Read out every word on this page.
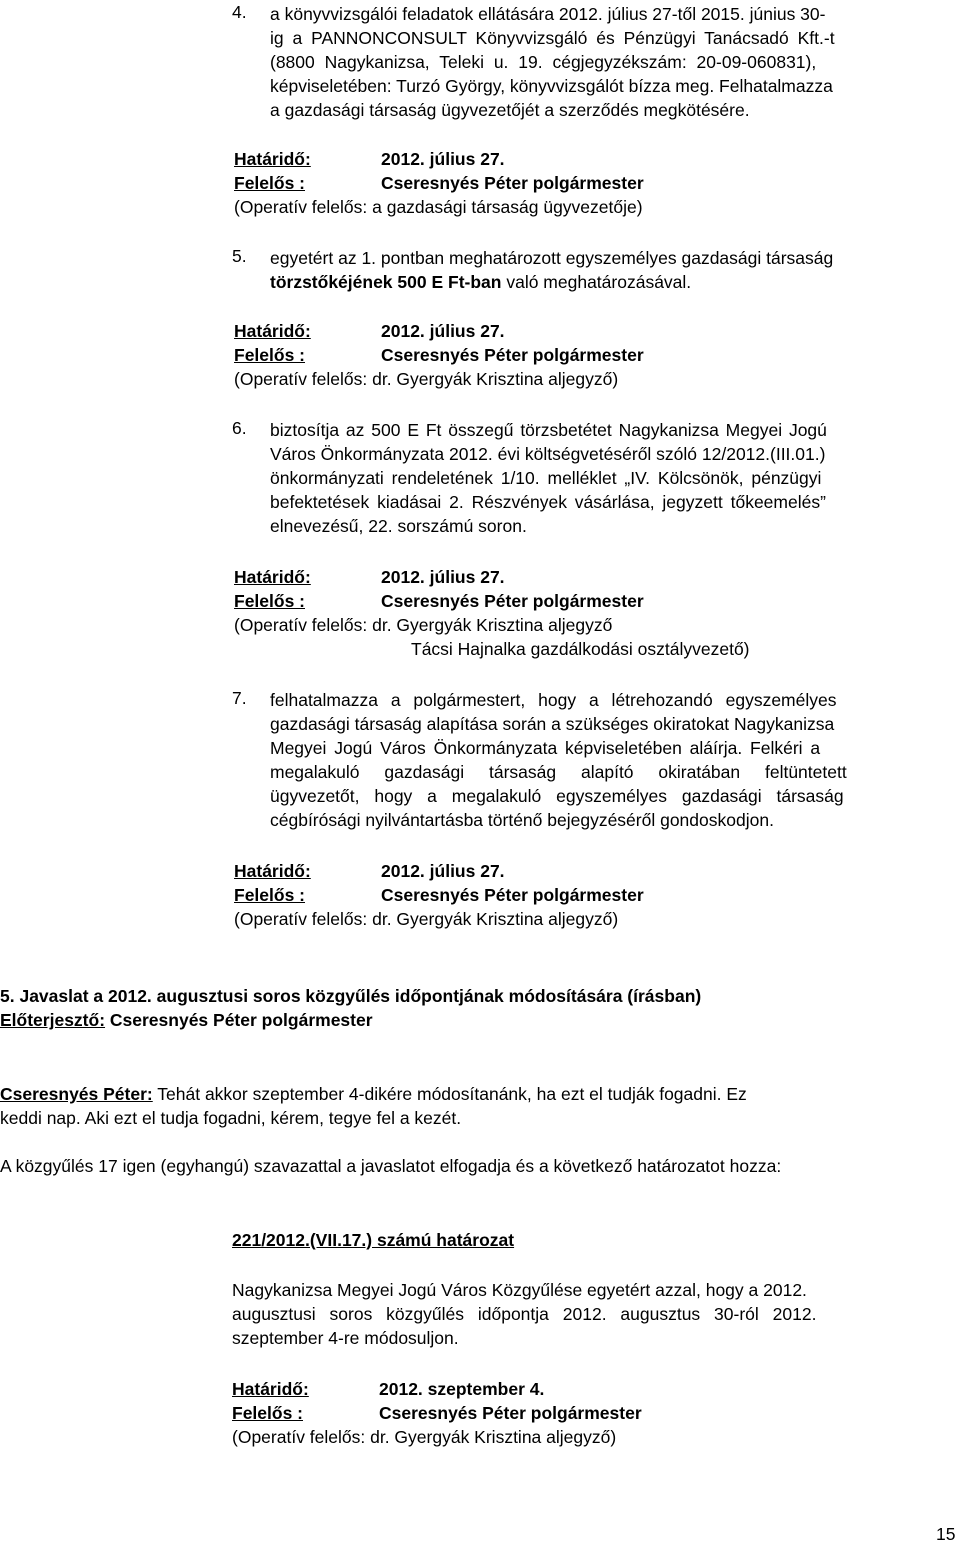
4.	a könyvvizsgálói feladatok ellátására 2012. július 27-től 2015. június 30-
ig a PANNONCONSULT Könyvvizsgáló és Pénzügyi Tanácsadó Kft.-t
(8800 Nagykanizsa, Teleki u. 19. cégjegyzékszám: 20-09-060831),
képviseletében: Turzó György, könyvvizsgálót bízza meg. Felhatalmazza
a gazdasági társaság ügyvezetőjét a szerződés megkötésére.
Határidő:	2012. július 27.
Felelős :	Cseresnyés Péter polgármester
(Operatív felelős: a gazdasági társaság ügyvezetője)
5.	egyetért az 1. pontban meghatározott egyszemélyes gazdasági társaság
törzstőkéjének 500 E Ft-ban való meghatározásával.
Határidő:	2012. július 27.
Felelős :	Cseresnyés Péter polgármester
(Operatív felelős: dr. Gyergyák Krisztina aljegyző)
6.	biztosítja az 500 E Ft összegű törzsbetétet Nagykanizsa Megyei Jogú
Város Önkormányzata 2012. évi költségvetéséről szóló 12/2012.(III.01.)
önkormányzati rendeletének 1/10. melléklet „IV. Kölcsönök, pénzügyi
befektetések kiadásai 2. Részvények vásárlása, jegyzett tőkeemelés”
elnevezésű, 22. sorszámú soron.
Határidő:	2012. július 27.
Felelős :	Cseresnyés Péter polgármester
(Operatív felelős: dr. Gyergyák Krisztina aljegyző
Tácsi Hajnalka gazdálkodási osztályvezető)
7.	felhatalmazza a polgármestert, hogy a létrehozandó egyszemélyes
gazdasági társaság alapítása során a szükséges okiratokat Nagykanizsa
Megyei Jogú Város Önkormányzata képviseletében aláírja. Felkéri a
megalakuló gazdasági társaság alapító okiratában feltüntetett
ügyvezetőt, hogy a megalakuló egyszemélyes gazdasági társaság
cégbírósági nyilvántartásba történő bejegyzéséről gondoskodjon.
Határidő:	2012. július 27.
Felelős :	Cseresnyés Péter polgármester
(Operatív felelős: dr. Gyergyák Krisztina aljegyző)
5. Javaslat a 2012. augusztusi soros közgyűlés időpontjának módosítására (írásban)
Előterjesztő: Cseresnyés Péter polgármester
Cseresnyés Péter: Tehát akkor szeptember 4-dikére módosítanánk, ha ezt el tudják fogadni. Ez
keddi nap. Aki ezt el tudja fogadni, kérem, tegye fel a kezét.
A közgyűlés 17 igen (egyhangú) szavazattal a javaslatot elfogadja és a következő határozatot hozza:
221/2012.(VII.17.) számú határozat
Nagykanizsa Megyei Jogú Város Közgyűlése egyetért azzal, hogy a 2012.
augusztusi soros közgyűlés időpontja 2012. augusztus 30-ról 2012.
szeptember 4-re módosuljon.
Határidő:	2012. szeptember 4.
Felelős :	Cseresnyés Péter polgármester
(Operatív felelős: dr. Gyergyák Krisztina aljegyző)
15
